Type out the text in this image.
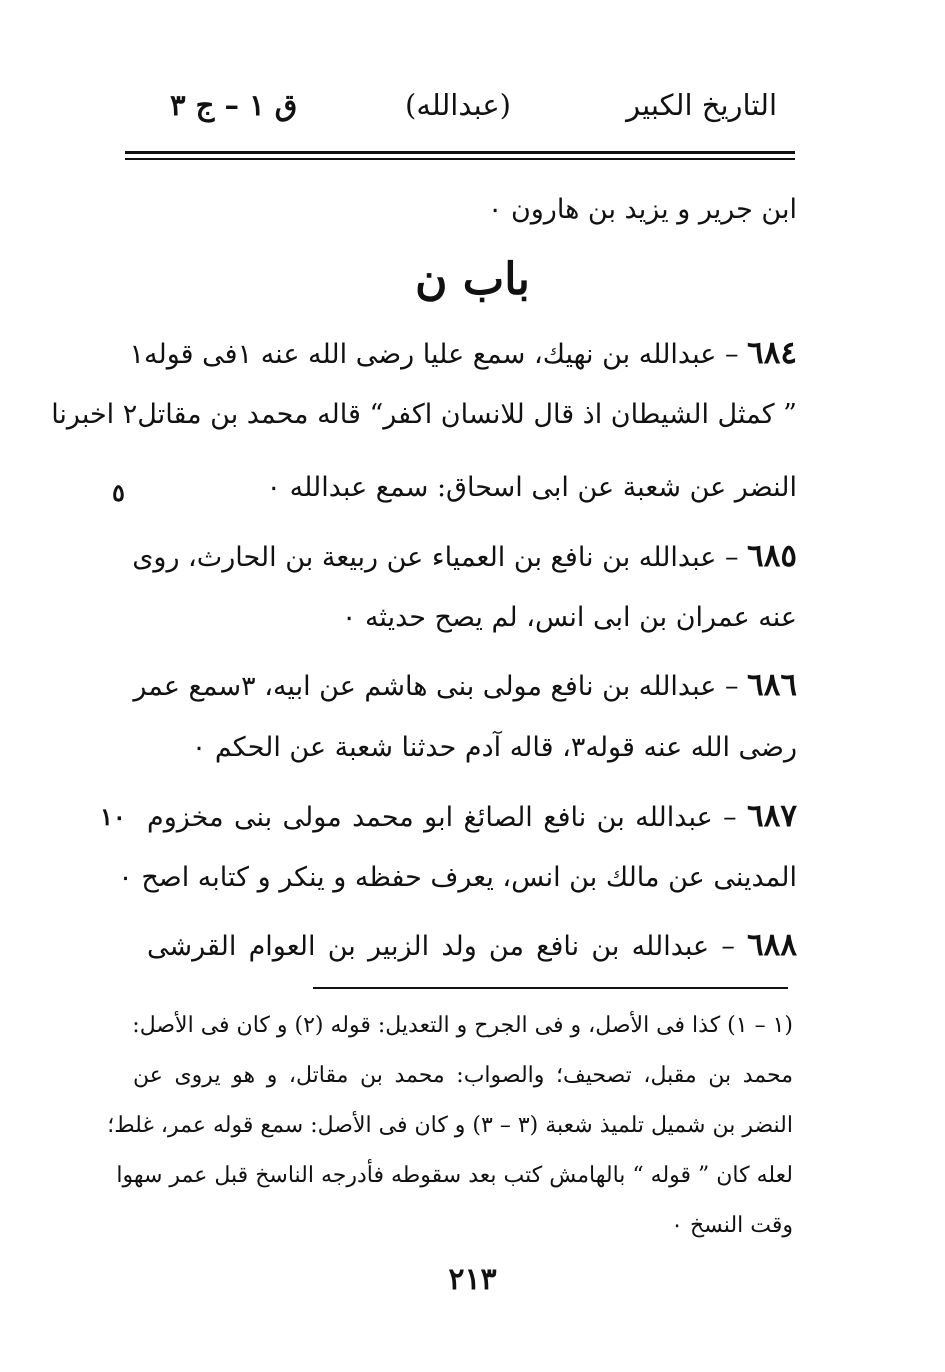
التاريخ الكبير
(عبدالله)
ق ١ – ج ٣
ابن جرير و يزيد بن هارون ٠
باب ن
٦٨٤ – عبدالله بن نهيك، سمع عليا رضى الله عنه ١فى قوله١
” كمثل الشيطان اذ قال للانسان اكفر“ قاله محمد بن مقاتل٢ اخبرنا
النضر عن شعبة عن ابى اسحاق: سمع عبدالله ٠
٥
٦٨٥ – عبدالله بن نافع بن العمياء عن ربيعة بن الحارث، روى
عنه عمران بن ابى انس، لم يصح حديثه ٠
٦٨٦ – عبدالله بن نافع مولى بنى هاشم عن ابيه، ٣سمع عمر
رضى الله عنه قوله٣، قاله آدم حدثنا شعبة عن الحكم ٠
٦٨٧ – عبدالله بن نافع الصائغ ابو محمد مولى بنى مخزوم
١٠
المدينى عن مالك بن انس، يعرف حفظه و ينكر و كتابه اصح ٠
٦٨٨ – عبدالله بن نافع من ولد الزبير بن العوام القرشى
(١ – ١) كذا فى الأصل، و فى الجرح و التعديل: قوله (٢) و كان فى الأصل:
محمد بن مقبل، تصحيف؛ والصواب: محمد بن مقاتل، و هو يروى عن
النضر بن شميل تلميذ شعبة (٣ – ٣) و كان فى الأصل: سمع قوله عمر، غلط؛
لعله كان ” قوله “ بالهامش كتب بعد سقوطه فأدرجه الناسخ قبل عمر سهوا
وقت النسخ ٠
٢١٣
